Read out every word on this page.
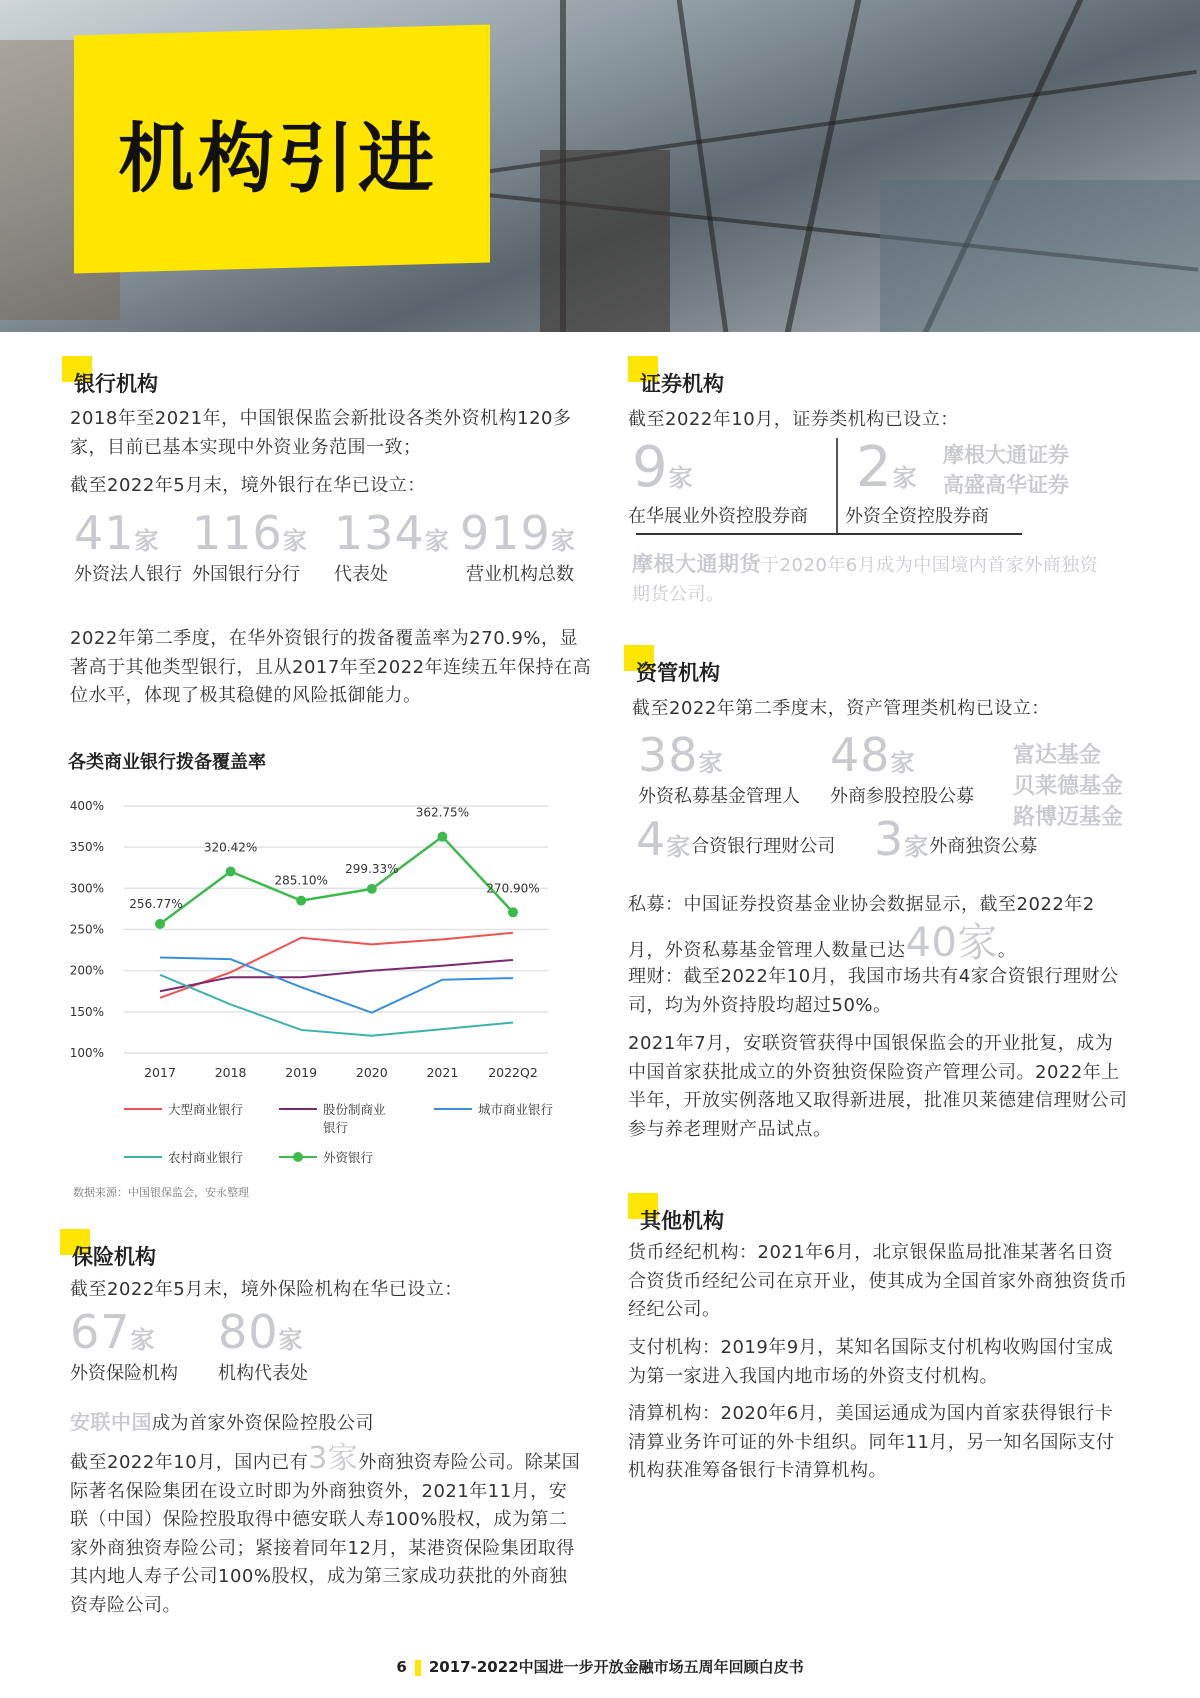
机构引进
银行机构
2018年至2021年，中国银保监会新批设各类外资机构120多家，目前已基本实现中外资业务范围一致；
截至2022年5月末，境外银行在华已设立：
41家
外资法人银行
116家
外国银行分行
134家
代表处
919家
营业机构总数
2022年第二季度，在华外资银行的拨备覆盖率为270.9%，显著高于其他类型银行，且从2017年至2022年连续五年保持在高位水平，体现了极其稳健的风险抵御能力。
各类商业银行拨备覆盖率
100%
150%
200%
250%
300%
350%
400%
2017	2018	2019	2020	2021 2022Q2
256.77%
320.42%
285.10%
299.33%
362.75%
270.90%
大型商业银行	股份制商业银行
城市商业银行
农村商业银行	外资银行
数据来源：中国银保监会，安永整理
保险机构
截至2022年5月末，境外保险机构在华已设立：
67家
外资保险机构
80家
机构代表处
安联中国成为首家外资保险控股公司
截至2022年10月，国内已有3家外商独资寿险公司。除某国际著名保险集团在设立时即为外商独资外，2021年11月，安联（中国）保险控股取得中德安联人寿100%股权，成为第二家外商独资寿险公司；紧接着同年12月，某港资保险集团取得其内地人寿子公司100%股权，成为第三家成功获批的外商独资寿险公司。
证券机构
截至2022年10月，证券类机构已设立：
9家
在华展业外资控股券商
2家
外资全资控股券商
摩根大通证券
高盛高华证券
摩根大通期货于2020年6月成为中国境内首家外商独资期货公司。
资管机构
截至2022年第二季度末，资产管理类机构已设立：
38家
外资私募基金管理人
48家
外商参股控股公募
4家 合资银行理财公司 3家 外商独资公募
富达基金
贝莱德基金
路博迈基金
私募：中国证券投资基金业协会数据显示，截至2022年2月，外资私募基金管理人数量已达40家。
理财：截至2022年10月，我国市场共有4家合资银行理财公司，均为外资持股均超过50%。
2021年7月，安联资管获得中国银保监会的开业批复，成为中国首家获批成立的外资独资保险资产管理公司。2022年上半年，开放实例落地又取得新进展，批准贝莱德建信理财公司参与养老理财产品试点。
其他机构
货币经纪机构：2021年6月，北京银保监局批准某著名日资合资货币经纪公司在京开业，使其成为全国首家外商独资货币经纪公司。
支付机构：2019年9月，某知名国际支付机构收购国付宝成为第一家进入我国内地市场的外资支付机构。
清算机构：2020年6月，美国运通成为国内首家获得银行卡清算业务许可证的外卡组织。同年11月，另一知名国际支付机构获准筹备银行卡清算机构。
6 2017-2022中国进一步开放金融市场五周年回顾白皮书
